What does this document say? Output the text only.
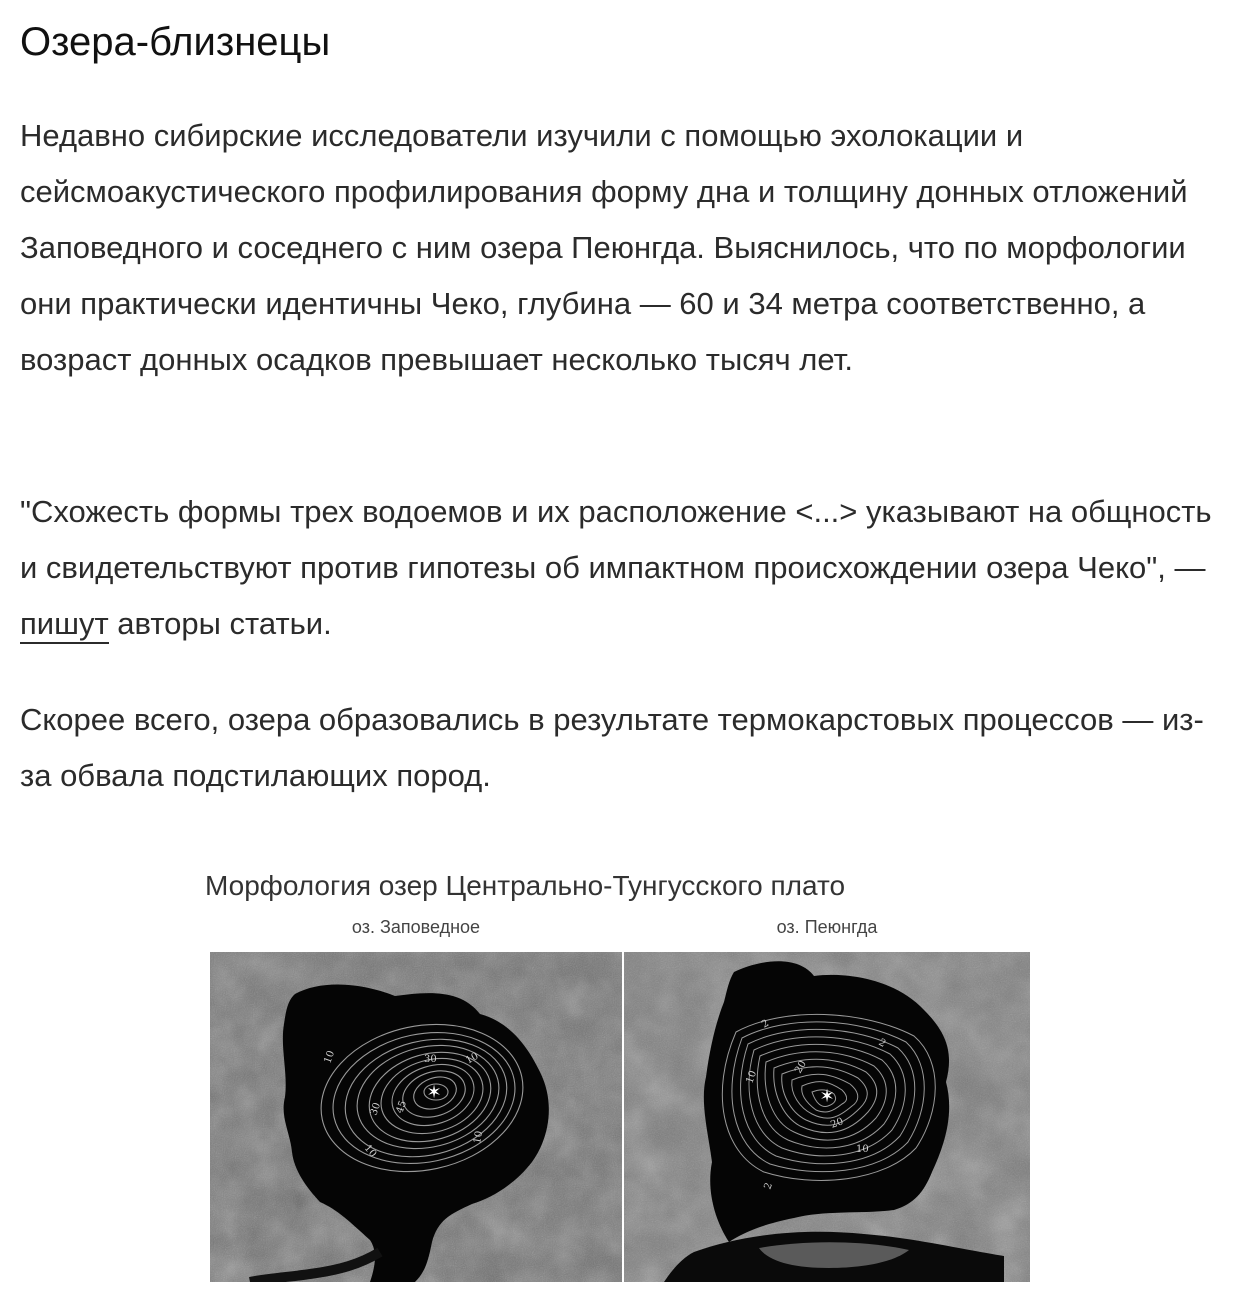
Озера-близнецы

Недавно сибирские исследователи изучили с помощью эхолокации и сейсмоакустического профилирования форму дна и толщину донных отложений Заповедного и соседнего с ним озера Пеюнгда. Выяснилось, что по морфологии они практически идентичны Чеко, глубина — 60 и 34 метра соответственно, а возраст донных осадков превышает несколько тысяч лет.

"Схожесть формы трех водоемов и их расположение <...> указывают на общность и свидетельствуют против гипотезы об импактном происхождении озера Чеко", — пишут авторы статьи.

Скорее всего, озера образовались в результате термокарстовых процессов — из-за обвала подстилающих пород.

Морфология озер Центрально-Тунгусского плато

оз. Заповедное	оз. Пеюнгда
10	30	10
30 45
10
10
✶
2
2
10
20
20
10
2
✶
